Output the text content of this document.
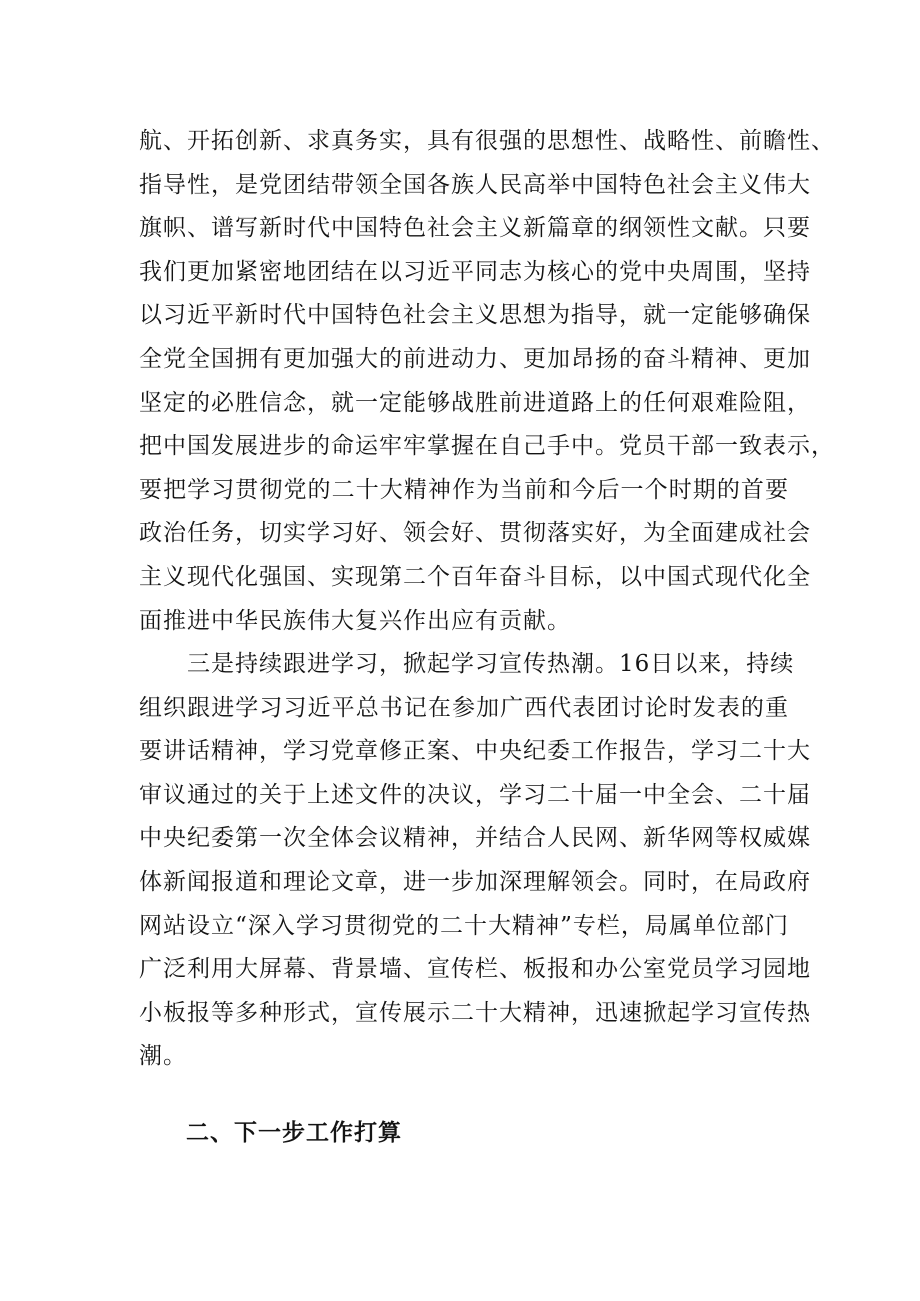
航、开拓创新、求真务实，具有很强的思想性、战略性、前瞻性、
指导性，是党团结带领全国各族人民高举中国特色社会主义伟大
旗帜、谱写新时代中国特色社会主义新篇章的纲领性文献。只要
我们更加紧密地团结在以习近平同志为核心的党中央周围，坚持
以习近平新时代中国特色社会主义思想为指导，就一定能够确保
全党全国拥有更加强大的前进动力、更加昂扬的奋斗精神、更加
坚定的必胜信念，就一定能够战胜前进道路上的任何艰难险阻，
把中国发展进步的命运牢牢掌握在自己手中。党员干部一致表示，
要把学习贯彻党的二十大精神作为当前和今后一个时期的首要
政治任务，切实学习好、领会好、贯彻落实好，为全面建成社会
主义现代化强国、实现第二个百年奋斗目标，以中国式现代化全
面推进中华民族伟大复兴作出应有贡献。
　　三是持续跟进学习，掀起学习宣传热潮。16日以来，持续
组织跟进学习习近平总书记在参加广西代表团讨论时发表的重
要讲话精神，学习党章修正案、中央纪委工作报告，学习二十大
审议通过的关于上述文件的决议，学习二十届一中全会、二十届
中央纪委第一次全体会议精神，并结合人民网、新华网等权威媒
体新闻报道和理论文章，进一步加深理解领会。同时，在局政府
网站设立“深入学习贯彻党的二十大精神”专栏，局属单位部门
广泛利用大屏幕、背景墙、宣传栏、板报和办公室党员学习园地
小板报等多种形式，宣传展示二十大精神，迅速掀起学习宣传热
潮。
二、下一步工作打算
